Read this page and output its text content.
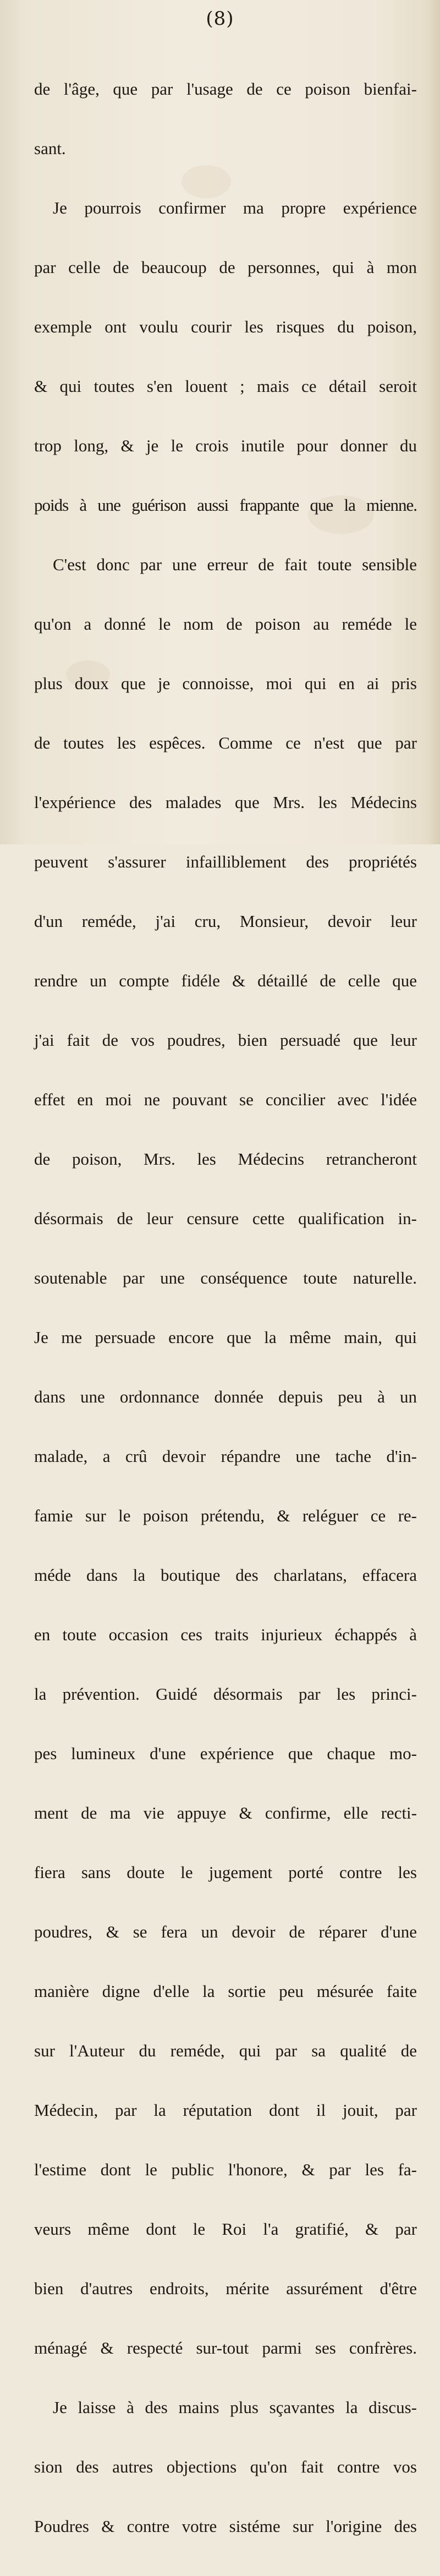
(8)

de l'âge, que par l'usage de ce poison bienfai-

sant.

Je pourrois confirmer ma propre expérience

par celle de beaucoup de personnes, qui à mon

exemple ont voulu courir les risques du poison,

& qui toutes s'en louent ; mais ce détail seroit

trop long, & je le crois inutile pour donner du

poids à une guérison aussi frappante que la mienne.

C'est donc par une erreur de fait toute sensible

qu'on a donné le nom de poison au reméde le

plus doux que je connoisse, moi qui en ai pris

de toutes les espêces. Comme ce n'est que par

l'expérience des malades que Mrs. les Médecins

peuvent s'assurer infailliblement des propriétés

d'un reméde, j'ai cru, Monsieur, devoir leur

rendre un compte fidéle & détaillé de celle que

j'ai fait de vos poudres, bien persuadé que leur

effet en moi ne pouvant se concilier avec l'idée

de poison, Mrs. les Médecins retrancheront

désormais de leur censure cette qualification in-

soutenable par une conséquence toute naturelle.

Je me persuade encore que la même main, qui

dans une ordonnance donnée depuis peu à un

malade, a crû devoir répandre une tache d'in-

famie sur le poison prétendu, & reléguer ce re-

méde dans la boutique des charlatans, effacera

en toute occasion ces traits injurieux échappés à

la prévention. Guidé désormais par les princi-

pes lumineux d'une expérience que chaque mo-

ment de ma vie appuye & confirme, elle recti-

fiera sans doute le jugement porté contre les

poudres, & se fera un devoir de réparer d'une

manière digne d'elle la sortie peu mésurée faite

sur l'Auteur du reméde, qui par sa qualité de

Médecin, par la réputation dont il jouit, par

l'estime dont le public l'honore, & par les fa-

veurs même dont le Roi l'a gratifié, & par

bien d'autres endroits, mérite assurément d'être

ménagé & respecté sur-tout parmi ses confrères.

Je laisse à des mains plus sçavantes la discus-

sion des autres objections qu'on fait contre vos

Poudres & contre votre sistéme sur l'origine des
